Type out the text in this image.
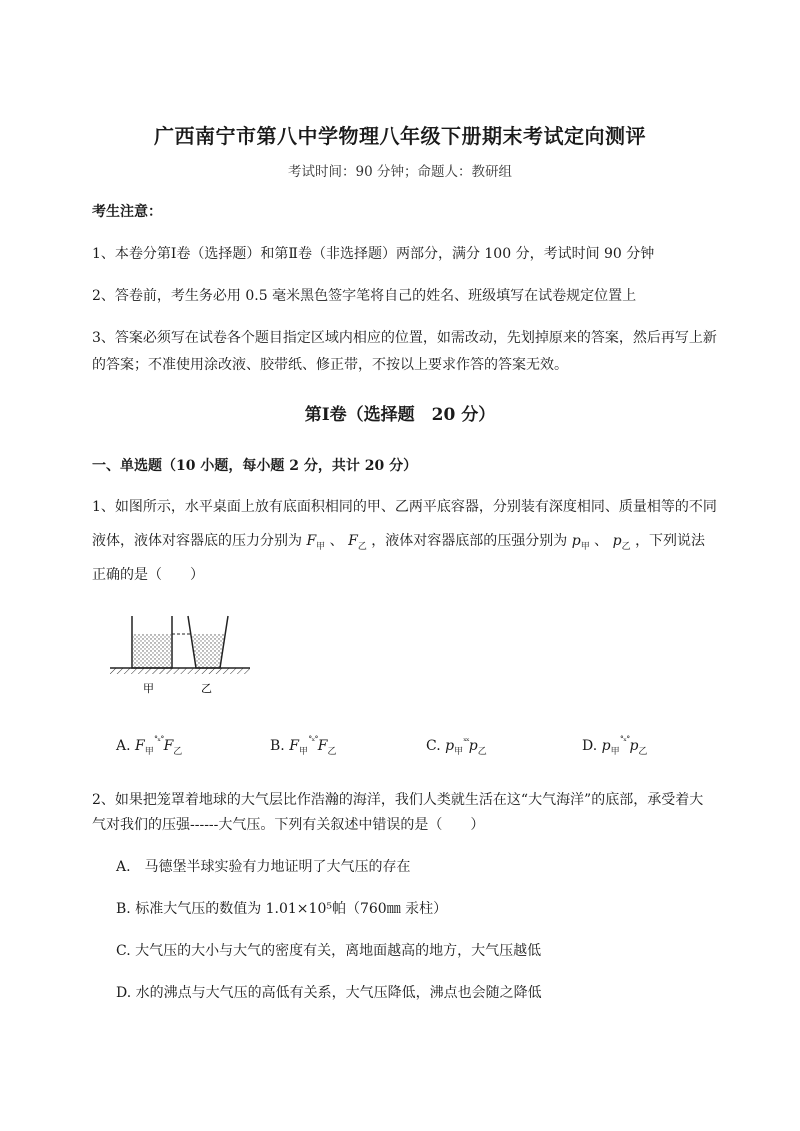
广西南宁市第八中学物理八年级下册期末考试定向测评
考试时间：90 分钟；命题人：教研组
考生注意：
1、本卷分第Ⅰ卷（选择题）和第Ⅱ卷（非选择题）两部分，满分 100 分，考试时间 90 分钟
2、答卷前，考生务必用 0.5 毫米黑色签字笔将自己的姓名、班级填写在试卷规定位置上
3、答案必须写在试卷各个题目指定区域内相应的位置，如需改动，先划掉原来的答案，然后再写上新
的答案；不准使用涂改液、胶带纸、修正带，不按以上要求作答的答案无效。
第Ⅰ卷（选择题　20 分）
一、单选题（10 小题，每小题 2 分，共计 20 分）
1、如图所示，水平桌面上放有底面积相同的甲、乙两平底容器，分别装有深度相同、质量相等的不同
液体，液体对容器底的压力分别为 $F_甲$ 、 $F_乙$ ，液体对容器底部的压强分别为 $p_甲$ 、 $p_乙$ ，下列说法
正确的是（　　）
甲	乙
A. $F_甲^{˚ˣ˚}F_乙$	B. $F_甲^{˚ˣ˚}F_乙$	C. $p_甲^{ˣˣ}p_乙$	D. $p_甲^{˚ˣ˚}p_乙$
2、如果把笼罩着地球的大气层比作浩瀚的海洋，我们人类就生活在这“大气海洋”的底部，承受着大
气对我们的压强------大气压。下列有关叙述中错误的是（　　）
A.　马德堡半球实验有力地证明了大气压的存在
B. 标准大气压的数值为 1.01×10⁵帕（760㎜ 汞柱）
C. 大气压的大小与大气的密度有关，离地面越高的地方，大气压越低
D. 水的沸点与大气压的高低有关系，大气压降低，沸点也会随之降低
